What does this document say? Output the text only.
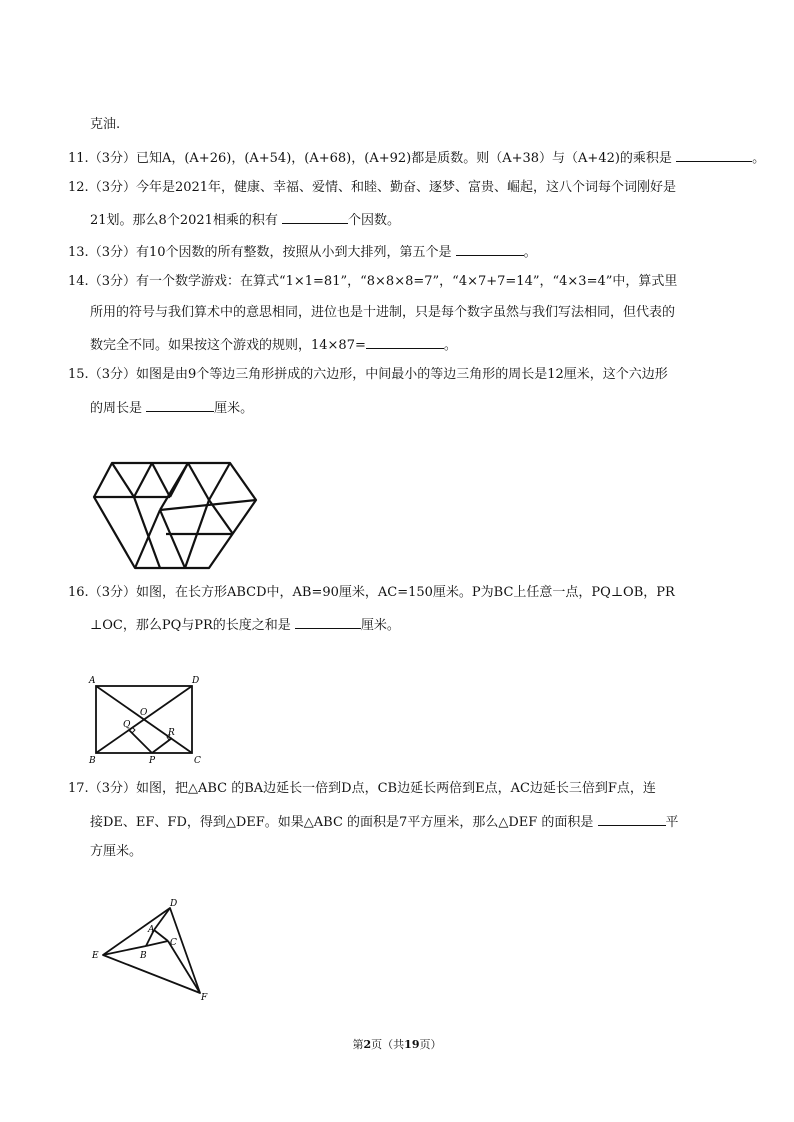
克油.
11.（3分）已知A，(A+26)，(A+54)，(A+68)，(A+92)都是质数。则（A+38）与（A+42)的乘积是	。
12.（3分）今年是2021年，健康、幸福、爱情、和睦、勤奋、逐梦、富贵、崛起，这八个词每个词刚好是
21划。那么8个2021相乘的积有	个因数。
13.（3分）有10个因数的所有整数，按照从小到大排列，第五个是	。
14.（3分）有一个数学游戏：在算式“1×1=81”，“8×8×8=7”，“4×7+7=14”，“4×3=4”中，算式里
所用的符号与我们算术中的意思相同，进位也是十进制，只是每个数字虽然与我们写法相同，但代表的
数完全不同。如果按这个游戏的规则，14×87=	。
15.（3分）如图是由9个等边三角形拼成的六边形，中间最小的等边三角形的周长是12厘米，这个六边形
的周长是	厘米。
16.（3分）如图，在长方形ABCD中，AB=90厘米，AC=150厘米。P为BC上任意一点，PQ⊥OB，PR
⊥OC，那么PQ与PR的长度之和是	厘米。
A	D
B	C
O
Q
R
P
17.（3分）如图，把△ABC 的BA边延长一倍到D点，CB边延长两倍到E点，AC边延长三倍到F点，连
接DE、EF、FD，得到△DEF。如果△ABC 的面积是7平方厘米，那么△DEF 的面积是	平
方厘米。
D
A
C
B
E
F
第2页（共19页）
